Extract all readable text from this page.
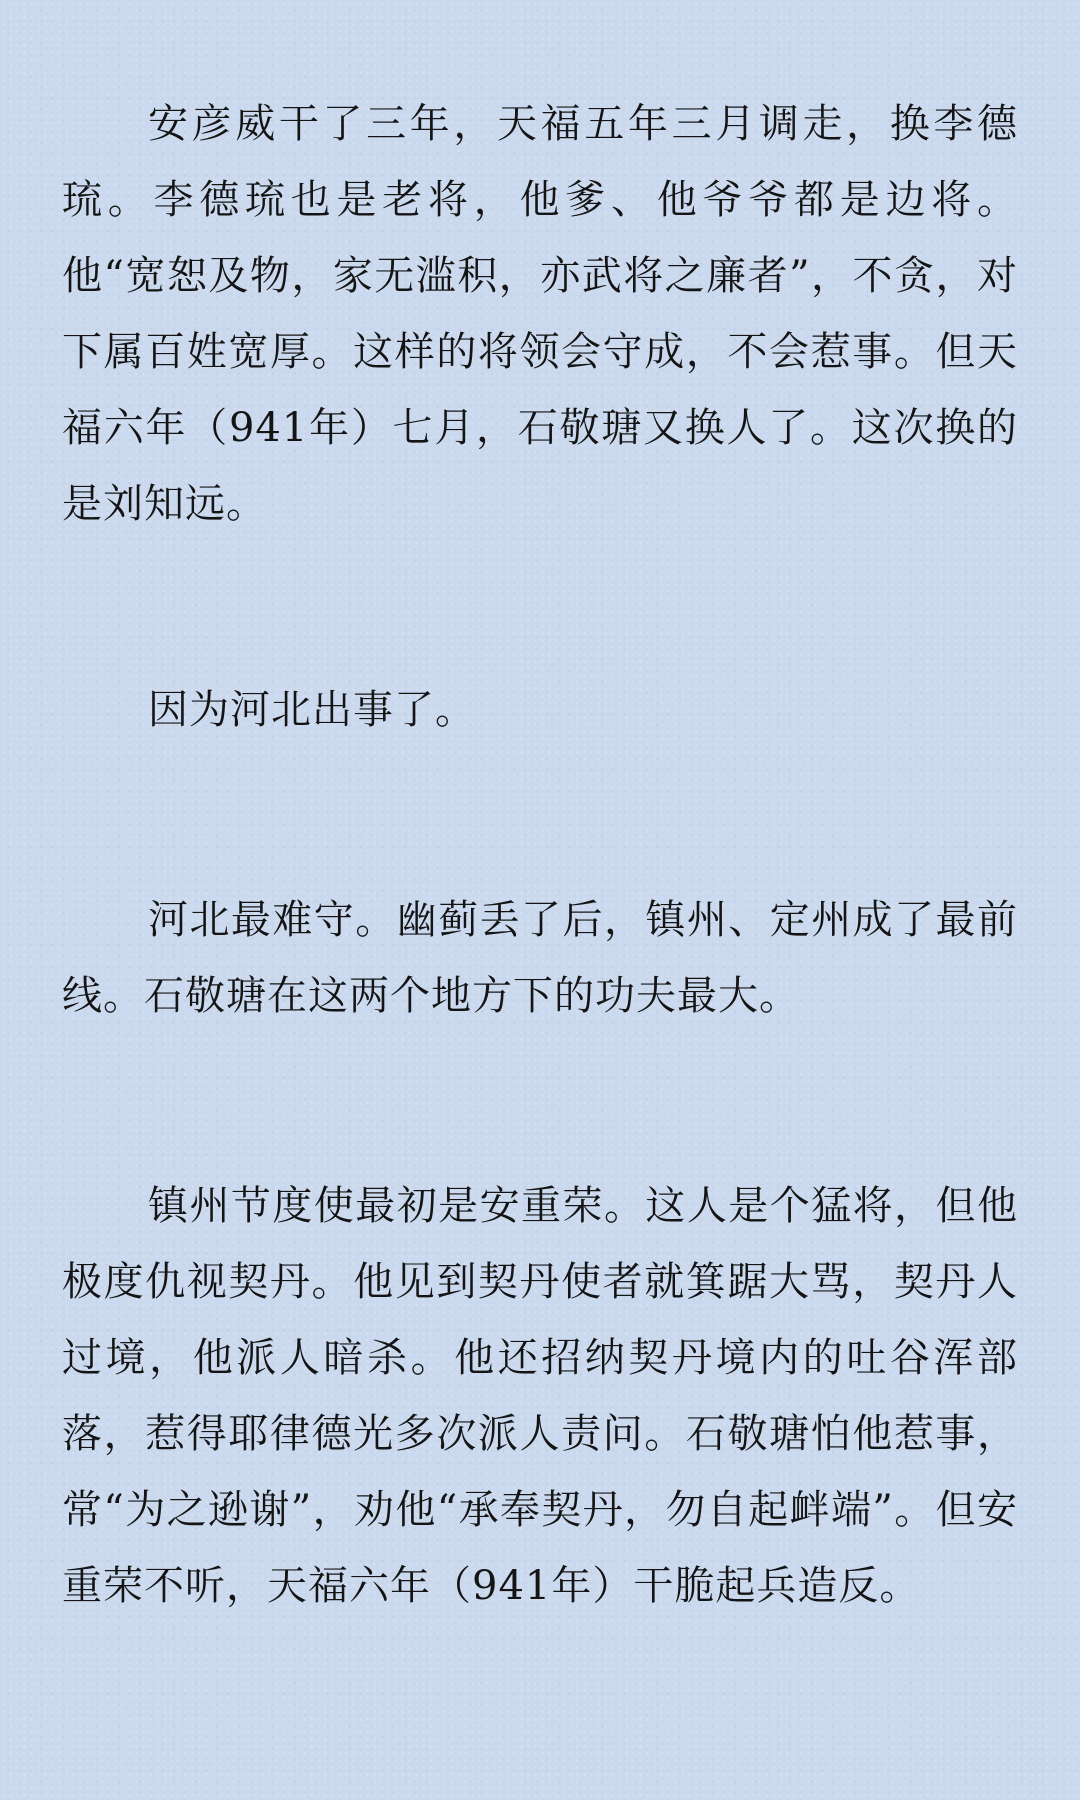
安彦威干了三年，天福五年三月调走，换李德琉。李德琉也是老将，他爹、他爷爷都是边将。他“宽恕及物，家无滥积，亦武将之廉者”，不贪，对下属百姓宽厚。这样的将领会守成，不会惹事。但天福六年（941年）七月，石敬瑭又换人了。这次换的是刘知远。

因为河北出事了。

河北最难守。幽蓟丢了后，镇州、定州成了最前线。石敬瑭在这两个地方下的功夫最大。

镇州节度使最初是安重荣。这人是个猛将，但他极度仇视契丹。他见到契丹使者就箕踞大骂，契丹人过境，他派人暗杀。他还招纳契丹境内的吐谷浑部落，惹得耶律德光多次派人责问。石敬瑭怕他惹事，常“为之逊谢”，劝他“承奉契丹，勿自起衅端”。但安重荣不听，天福六年（941年）干脆起兵造反。
